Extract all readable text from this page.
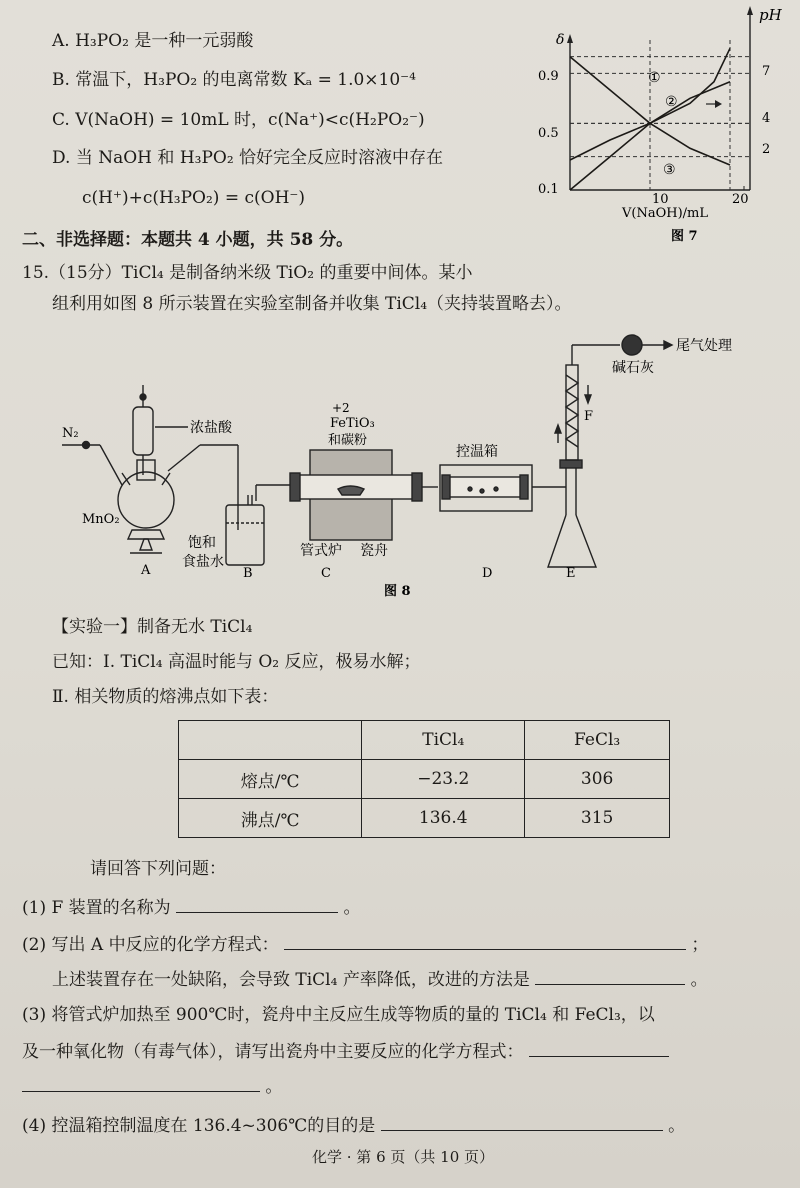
A. H₃PO₂ 是一种一元弱酸
B. 常温下，H₃PO₂ 的电离常数 Kₐ = 1.0×10⁻⁴
C. V(NaOH) = 10mL 时，c(Na⁺)<c(H₂PO₂⁻)
D. 当 NaOH 和 H₃PO₂ 恰好完全反应时溶液中存在
c(H⁺)+c(H₃PO₂) = c(OH⁻)
δ
pH
0.9
0.5
0.1
7
4
2
10	20
V(NaOH)/mL
①
②
③
图 7
二、非选择题：本题共 4 小题，共 58 分。
15.（15分）TiCl₄ 是制备纳米级 TiO₂ 的重要中间体。某小
组利用如图 8 所示装置在实验室制备并收集 TiCl₄（夹持装置略去）。
N₂	浓盐酸
MnO₂
饱和
食盐水
+2
FeTiO₃
和碳粉
管式炉 瓷舟
控温箱
碱石灰
尾气处理
F
A	B	C	D	E
图 8
【实验一】制备无水 TiCl₄
已知：Ⅰ. TiCl₄ 高温时能与 O₂ 反应，极易水解；
Ⅱ. 相关物质的熔沸点如下表：
	TiCl₄	FeCl₃
熔点/℃	−23.2	306
沸点/℃	136.4	315
请回答下列问题：
(1) F 装置的名称为	。
(2) 写出 A 中反应的化学方程式：	；
上述装置存在一处缺陷，会导致 TiCl₄ 产率降低，改进的方法是	。
(3) 将管式炉加热至 900℃时，瓷舟中主反应生成等物质的量的 TiCl₄ 和 FeCl₃，以
及一种氧化物（有毒气体），请写出瓷舟中主要反应的化学方程式：
。
(4) 控温箱控制温度在 136.4~306℃的目的是	。
化学 · 第 6 页（共 10 页）
